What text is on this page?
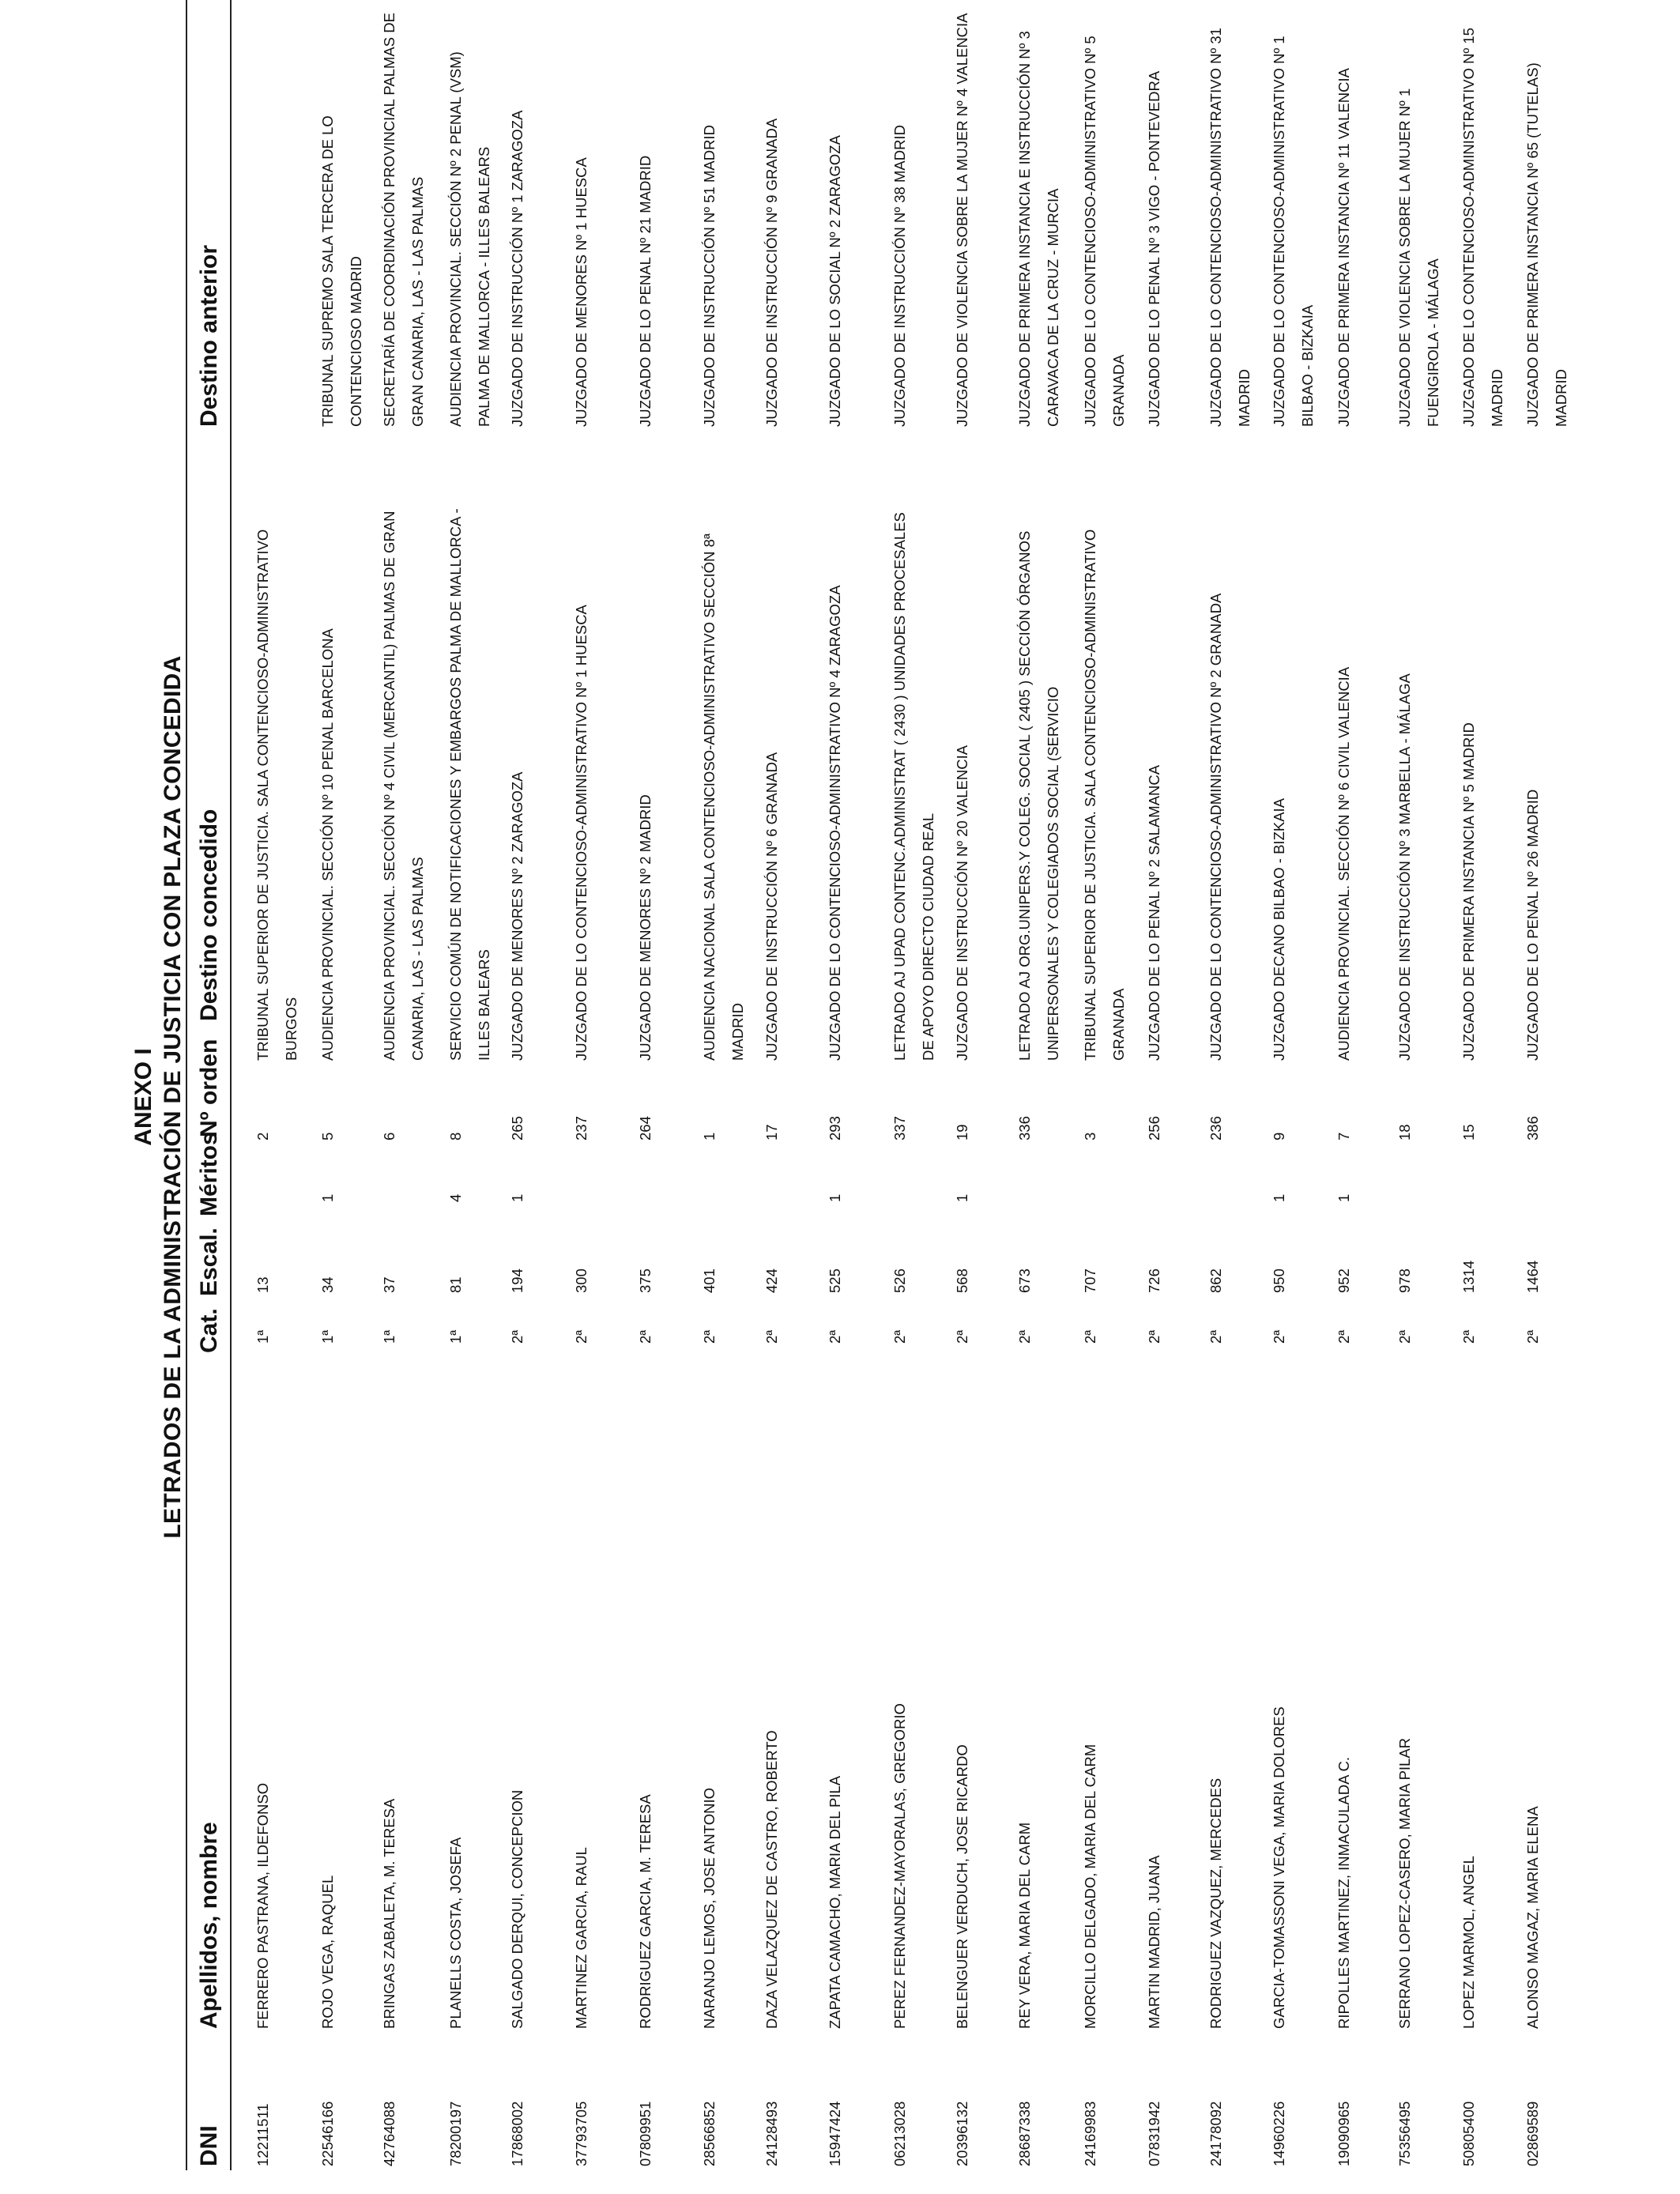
ANEXO I LETRADOS DE LA ADMINISTRACIÓN DE JUSTICIA CON PLAZA CONCEDIDA
DNI
Apellidos, nombre
Cat.
Escal.
Méritos
Nº orden
Destino concedido
Destino anterior
12211511
FERRERO PASTRANA, ILDEFONSO
1ª
13
2
TRIBUNAL SUPERIOR DE JUSTICIA. SALA CONTENCIOSO-ADMINISTRATIVO BURGOS
22546166
ROJO VEGA, RAQUEL
1ª
34
1
5
AUDIENCIA PROVINCIAL. SECCIÓN Nº 10 PENAL BARCELONA
TRIBUNAL SUPREMO SALA TERCERA DE LO CONTENCIOSO MADRID
42764088
BRINGAS ZABALETA, M. TERESA
1ª
37
6
AUDIENCIA PROVINCIAL. SECCIÓN Nº 4 CIVIL (MERCANTIL) PALMAS DE GRAN CANARIA, LAS - LAS PALMAS
SECRETARÍA DE COORDINACIÓN PROVINCIAL PALMAS DE GRAN CANARIA, LAS - LAS PALMAS
78200197
PLANELLS COSTA, JOSEFA
1ª
81
4
8
SERVICIO COMÚN DE NOTIFICACIONES Y EMBARGOS PALMA DE MALLORCA - ILLES BALEARS
AUDIENCIA PROVINCIAL. SECCIÓN Nº 2 PENAL (VSM) PALMA DE MALLORCA - ILLES BALEARS
17868002
SALGADO DERQUI, CONCEPCION
2ª
194
1
265
JUZGADO DE MENORES Nº 2 ZARAGOZA
JUZGADO DE INSTRUCCIÓN Nº 1 ZARAGOZA
37793705
MARTINEZ GARCIA, RAUL
2ª
300
237
JUZGADO DE LO CONTENCIOSO-ADMINISTRATIVO Nº 1 HUESCA
JUZGADO DE MENORES Nº 1 HUESCA
07809951
RODRIGUEZ GARCIA, M. TERESA
2ª
375
264
JUZGADO DE MENORES Nº 2 MADRID
JUZGADO DE LO PENAL Nº 21 MADRID
28566852
NARANJO LEMOS, JOSE ANTONIO
2ª
401
1
AUDIENCIA NACIONAL SALA CONTENCIOSO-ADMINISTRATIVO SECCIÓN 8ª MADRID
JUZGADO DE INSTRUCCIÓN Nº 51 MADRID
24128493
DAZA VELAZQUEZ DE CASTRO, ROBERTO
2ª
424
17
JUZGADO DE INSTRUCCIÓN Nº 6 GRANADA
JUZGADO DE INSTRUCCIÓN Nº 9 GRANADA
15947424
ZAPATA CAMACHO, MARIA DEL PILA
2ª
525
1
293
JUZGADO DE LO CONTENCIOSO-ADMINISTRATIVO Nº 4 ZARAGOZA
JUZGADO DE LO SOCIAL Nº 2 ZARAGOZA
06213028
PEREZ FERNANDEZ-MAYORALAS, GREGORIO
2ª
526
337
LETRADO AJ UPAD CONTENC.ADMINISTRAT ( 2430 ) UNIDADES PROCESALES DE APOYO DIRECTO CIUDAD REAL
JUZGADO DE INSTRUCCIÓN Nº 38 MADRID
20396132
BELENGUER VERDUCH, JOSE RICARDO
2ª
568
1
19
JUZGADO DE INSTRUCCIÓN Nº 20 VALENCIA
JUZGADO DE VIOLENCIA SOBRE LA MUJER Nº 4 VALENCIA
28687338
REY VERA, MARIA DEL CARM
2ª
673
336
LETRADO AJ ORG.UNIPERS.Y COLEG. SOCIAL ( 2405 ) SECCIÓN ÓRGANOS UNIPERSONALES Y COLEGIADOS SOCIAL (SERVICIO
JUZGADO DE PRIMERA INSTANCIA E INSTRUCCIÓN Nº 3 CARAVACA DE LA CRUZ - MURCIA
24169983
MORCILLO DELGADO, MARIA DEL CARM
2ª
707
3
TRIBUNAL SUPERIOR DE JUSTICIA. SALA CONTENCIOSO-ADMINISTRATIVO GRANADA
JUZGADO DE LO CONTENCIOSO-ADMINISTRATIVO Nº 5 GRANADA
07831942
MARTIN MADRID, JUANA
2ª
726
256
JUZGADO DE LO PENAL Nº 2 SALAMANCA
JUZGADO DE LO PENAL Nº 3 VIGO - PONTEVEDRA
24178092
RODRIGUEZ VAZQUEZ, MERCEDES
2ª
862
236
JUZGADO DE LO CONTENCIOSO-ADMINISTRATIVO Nº 2 GRANADA
JUZGADO DE LO CONTENCIOSO-ADMINISTRATIVO Nº 31 MADRID
14960226
GARCIA-TOMASSONI VEGA, MARIA DOLORES
2ª
950
1
9
JUZGADO DECANO BILBAO - BIZKAIA
JUZGADO DE LO CONTENCIOSO-ADMINISTRATIVO Nº 1 BILBAO - BIZKAIA
19090965
RIPOLLES MARTINEZ, INMACULADA C.
2ª
952
1
7
AUDIENCIA PROVINCIAL. SECCIÓN Nº 6 CIVIL VALENCIA
JUZGADO DE PRIMERA INSTANCIA Nº 11 VALENCIA
75356495
SERRANO LOPEZ-CASERO, MARIA PILAR
2ª
978
18
JUZGADO DE INSTRUCCIÓN Nº 3 MARBELLA - MÁLAGA
JUZGADO DE VIOLENCIA SOBRE LA MUJER Nº 1 FUENGIROLA - MÁLAGA
50805400
LOPEZ MARMOL, ANGEL
2ª
1314
15
JUZGADO DE PRIMERA INSTANCIA Nº 5 MADRID
JUZGADO DE LO CONTENCIOSO-ADMINISTRATIVO Nº 15 MADRID
02869589
ALONSO MAGAZ, MARIA ELENA
2ª
1464
386
JUZGADO DE LO PENAL Nº 26 MADRID
JUZGADO DE PRIMERA INSTANCIA Nº 65 (TUTELAS) MADRID
